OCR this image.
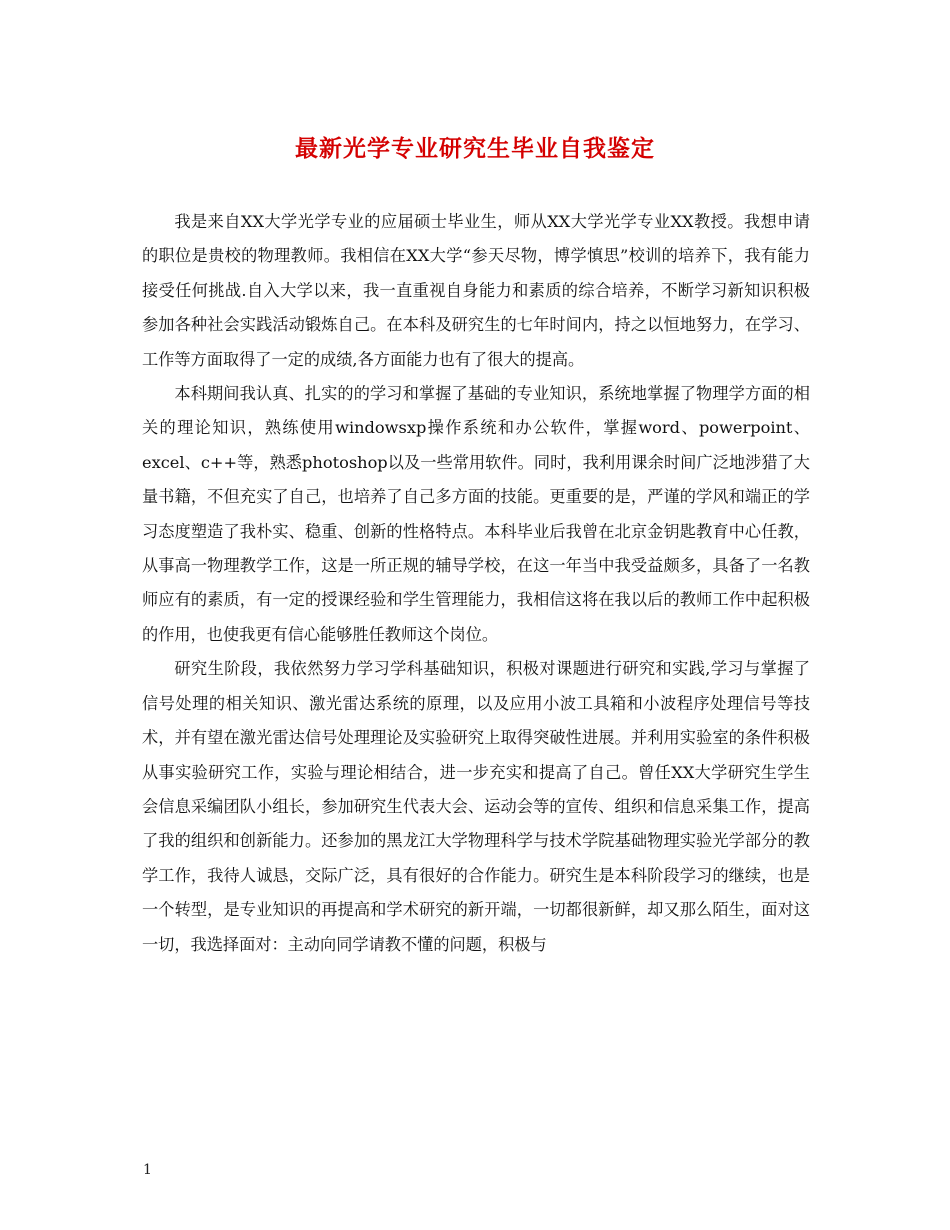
最新光学专业研究生毕业自我鉴定

我是来自XX大学光学专业的应届硕士毕业生，师从XX大学光学专业XX教授。我想申请的职位是贵校的物理教师。我相信在XX大学“参天尽物，博学慎思”校训的培养下，我有能力接受任何挑战.自入大学以来，我一直重视自身能力和素质的综合培养，不断学习新知识积极参加各种社会实践活动锻炼自己。在本科及研究生的七年时间内，持之以恒地努力，在学习、工作等方面取得了一定的成绩,各方面能力也有了很大的提高。

本科期间我认真、扎实的的学习和掌握了基础的专业知识，系统地掌握了物理学方面的相关的理论知识，熟练使用windowsxp操作系统和办公软件，掌握word、powerpoint、excel、c++等，熟悉photoshop以及一些常用软件。同时，我利用课余时间广泛地涉猎了大量书籍，不但充实了自己，也培养了自己多方面的技能。更重要的是，严谨的学风和端正的学习态度塑造了我朴实、稳重、创新的性格特点。本科毕业后我曾在北京金钥匙教育中心任教，从事高一物理教学工作，这是一所正规的辅导学校，在这一年当中我受益颇多，具备了一名教师应有的素质，有一定的授课经验和学生管理能力，我相信这将在我以后的教师工作中起积极的作用，也使我更有信心能够胜任教师这个岗位。

研究生阶段，我依然努力学习学科基础知识，积极对课题进行研究和实践,学习与掌握了信号处理的相关知识、激光雷达系统的原理，以及应用小波工具箱和小波程序处理信号等技术，并有望在激光雷达信号处理理论及实验研究上取得突破性进展。并利用实验室的条件积极从事实验研究工作，实验与理论相结合，进一步充实和提高了自己。曾任XX大学研究生学生会信息采编团队小组长，参加研究生代表大会、运动会等的宣传、组织和信息采集工作，提高了我的组织和创新能力。还参加的黑龙江大学物理科学与技术学院基础物理实验光学部分的教学工作，我待人诚恳，交际广泛，具有很好的合作能力。研究生是本科阶段学习的继续，也是一个转型，是专业知识的再提高和学术研究的新开端，一切都很新鲜，却又那么陌生，面对这一切，我选择面对：主动向同学请教不懂的问题，积极与

1
